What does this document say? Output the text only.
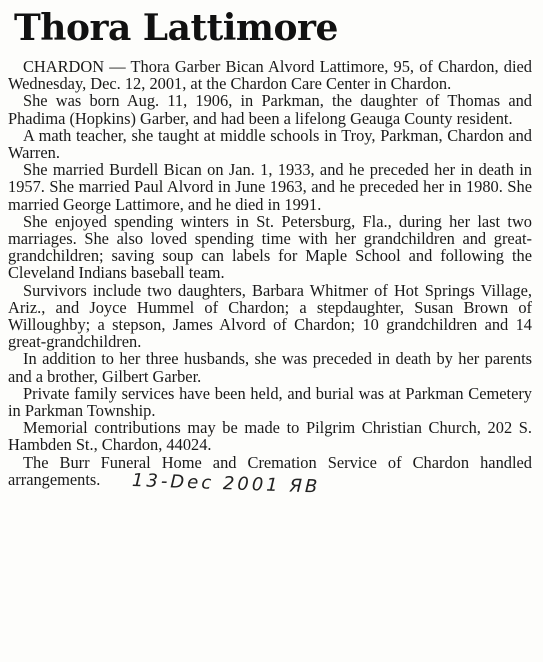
Thora Lattimore

CHARDON — Thora Garber Bican Alvord Lattimore, 95, of Chardon, died Wednesday, Dec. 12, 2001, at the Chardon Care Center in Chardon.

She was born Aug. 11, 1906, in Parkman, the daughter of Thomas and Phadima (Hopkins) Garber, and had been a lifelong Geauga County resident.

A math teacher, she taught at middle schools in Troy, Parkman, Chardon and Warren.

She married Burdell Bican on Jan. 1, 1933, and he preceded her in death in 1957. She married Paul Alvord in June 1963, and he preceded her in 1980. She married George Lattimore, and he died in 1991.

She enjoyed spending winters in St. Petersburg, Fla., during her last two marriages. She also loved spending time with her grandchildren and great-grandchildren; saving soup can labels for Maple School and following the Cleveland Indians baseball team.

Survivors include two daughters, Barbara Whitmer of Hot Springs Village, Ariz., and Joyce Hummel of Chardon; a stepdaughter, Susan Brown of Willoughby; a stepson, James Alvord of Chardon; 10 grandchildren and 14 great-grandchildren.

In addition to her three husbands, she was preceded in death by her parents and a brother, Gilbert Garber.

Private family services have been held, and burial was at Parkman Cemetery in Parkman Township.

Memorial contributions may be made to Pilgrim Christian Church, 202 S. Hambden St., Chardon, 44024.

The Burr Funeral Home and Cremation Service of Chardon handled arrangements.	13-Dec 2001 ЯB
